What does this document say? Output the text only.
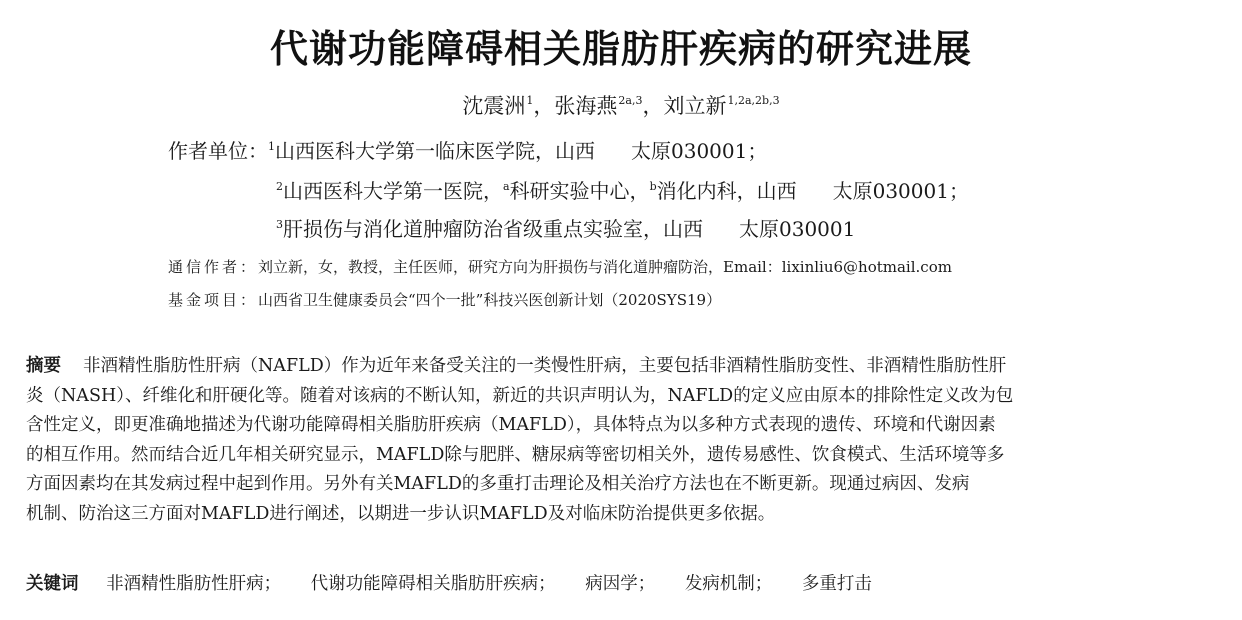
代谢功能障碍相关脂肪肝疾病的研究进展
沈震洲$^1$，张海燕$^{2a,3}$，刘立新$^{1,2a,2b,3}$
作者单位：$^1$山西医科大学第一临床医学院，山西 太原030001；
$^2$山西医科大学第一医院，$^a$科研实验中心，$^b$消化内科，山西 太原030001；
$^3$肝损伤与消化道肿瘤防治省级重点实验室，山西 太原030001
通信作者：刘立新，女，教授，主任医师，研究方向为肝损伤与消化道肿瘤防治，Email：lixinliu6@hotmail.com
基金项目：山西省卫生健康委员会“四个一批”科技兴医创新计划（2020SYS19）
摘要 非酒精性脂肪性肝病（NAFLD）作为近年来备受关注的一类慢性肝病，主要包括非酒精性脂肪变性、非酒精性脂肪性肝
炎（NASH）、纤维化和肝硬化等。随着对该病的不断认知，新近的共识声明认为，NAFLD的定义应由原本的排除性定义改为包
含性定义，即更准确地描述为代谢功能障碍相关脂肪肝疾病（MAFLD），具体特点为以多种方式表现的遗传、环境和代谢因素
的相互作用。然而结合近几年相关研究显示，MAFLD除与肥胖、糖尿病等密切相关外，遗传易感性、饮食模式、生活环境等多
方面因素均在其发病过程中起到作用。另外有关MAFLD的多重打击理论及相关治疗方法也在不断更新。现通过病因、发病
机制、防治这三方面对MAFLD进行阐述，以期进一步认识MAFLD及对临床防治提供更多依据。
关键词 非酒精性脂肪性肝病； 代谢功能障碍相关脂肪肝疾病； 病因学； 发病机制； 多重打击
